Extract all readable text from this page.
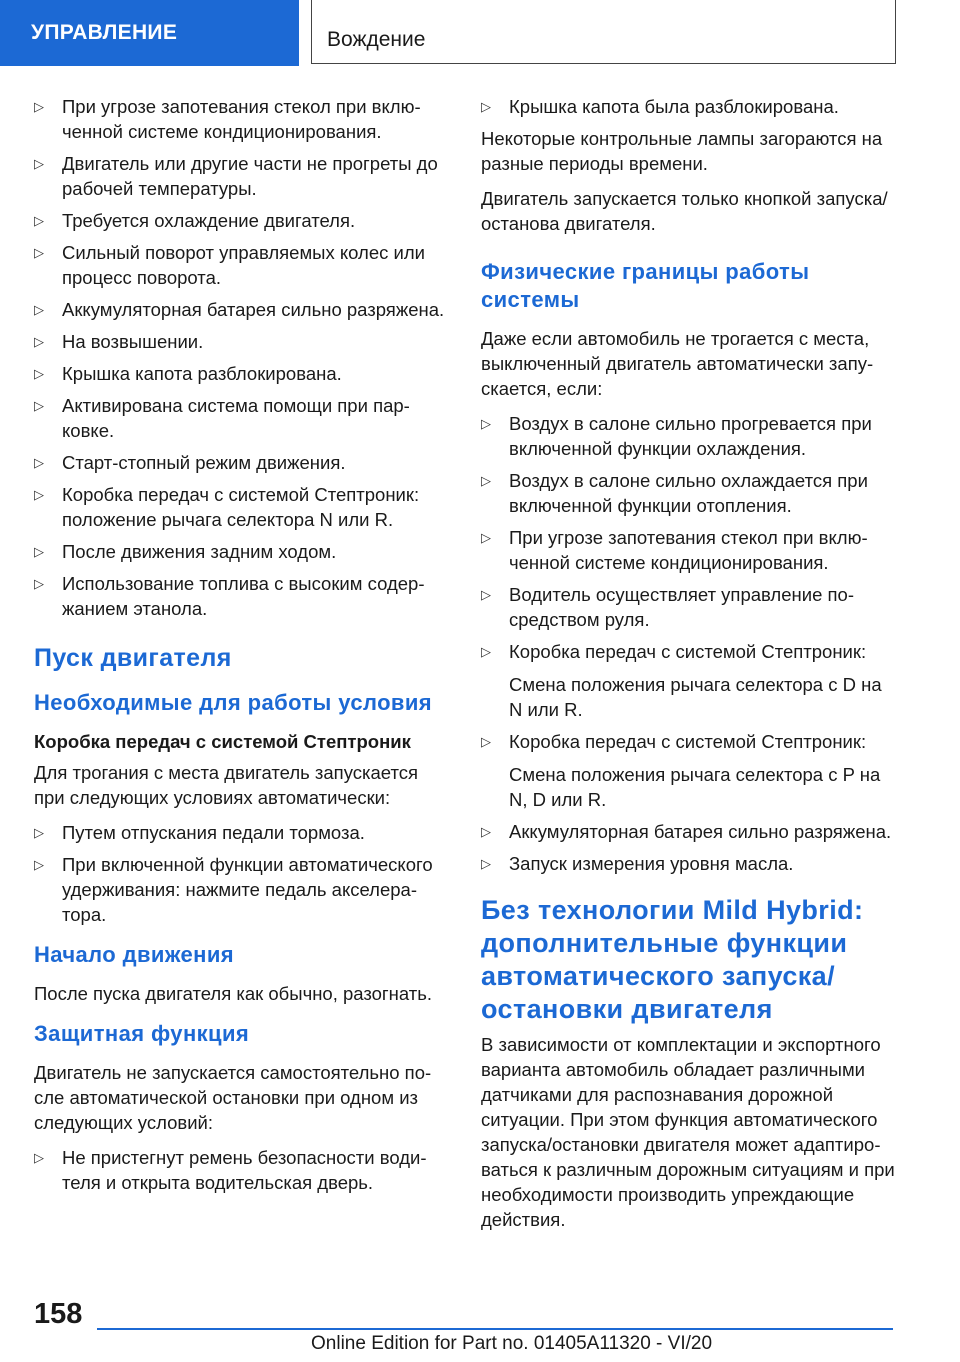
УПРАВЛЕНИЕ	Вождение
▷ При угрозе запотевания стекол при включенной системе кондиционирования.
▷ Двигатель или другие части не прогреты до рабочей температуры.
▷ Требуется охлаждение двигателя.
▷ Сильный поворот управляемых колес или процесс поворота.
▷ Аккумуляторная батарея сильно разряжена.
▷ На возвышении.
▷ Крышка капота разблокирована.
▷ Активирована система помощи при парковке.
▷ Старт-стопный режим движения.
▷ Коробка передач с системой Стептроник: положение рычага селектора N или R.
▷ После движения задним ходом.
▷ Использование топлива с высоким содержанием этанола.
Пуск двигателя
Необходимые для работы условия
Коробка передач с системой Стептроник

Для трогания с места двигатель запускается при следующих условиях автоматически:

▷ Путем отпускания педали тормоза.
▷ При включенной функции автоматического удерживания: нажмите педаль акселератора.
Начало движения

После пуска двигателя как обычно, разогнать.

Защитная функция

Двигатель не запускается самостоятельно после автоматической остановки при одном из следующих условий:

▷ Не пристегнут ремень безопасности водителя и открыта водительская дверь.
▷ Крышка капота была разблокирована.

Некоторые контрольные лампы загораются на разные периоды времени.

Двигатель запускается только кнопкой запуска/останова двигателя.

Физические границы работы системы

Даже если автомобиль не трогается с места, выключенный двигатель автоматически запускается, если:

▷ Воздух в салоне сильно прогревается при включенной функции охлаждения.
▷ Воздух в салоне сильно охлаждается при включенной функции отопления.
▷ При угрозе запотевания стекол при включенной системе кондиционирования.
▷ Водитель осуществляет управление посредством руля.
▷ Коробка передач с системой Стептроник:
Смена положения рычага селектора с D на N или R.
▷ Коробка передач с системой Стептроник:
Смена положения рычага селектора с P на N, D или R.
▷ Аккумуляторная батарея сильно разряжена.
▷ Запуск измерения уровня масла.
Без технологии Mild Hybrid: дополнительные функции автоматического запуска/ остановки двигателя

В зависимости от комплектации и экспортного варианта автомобиль обладает различными датчиками для распознавания дорожной ситуации. При этом функция автоматического запуска/остановки двигателя может адаптироваться к различным дорожным ситуациям и при необходимости производить упреждающие действия.

158
Online Edition for Part no. 01405A11320 - VI/20
